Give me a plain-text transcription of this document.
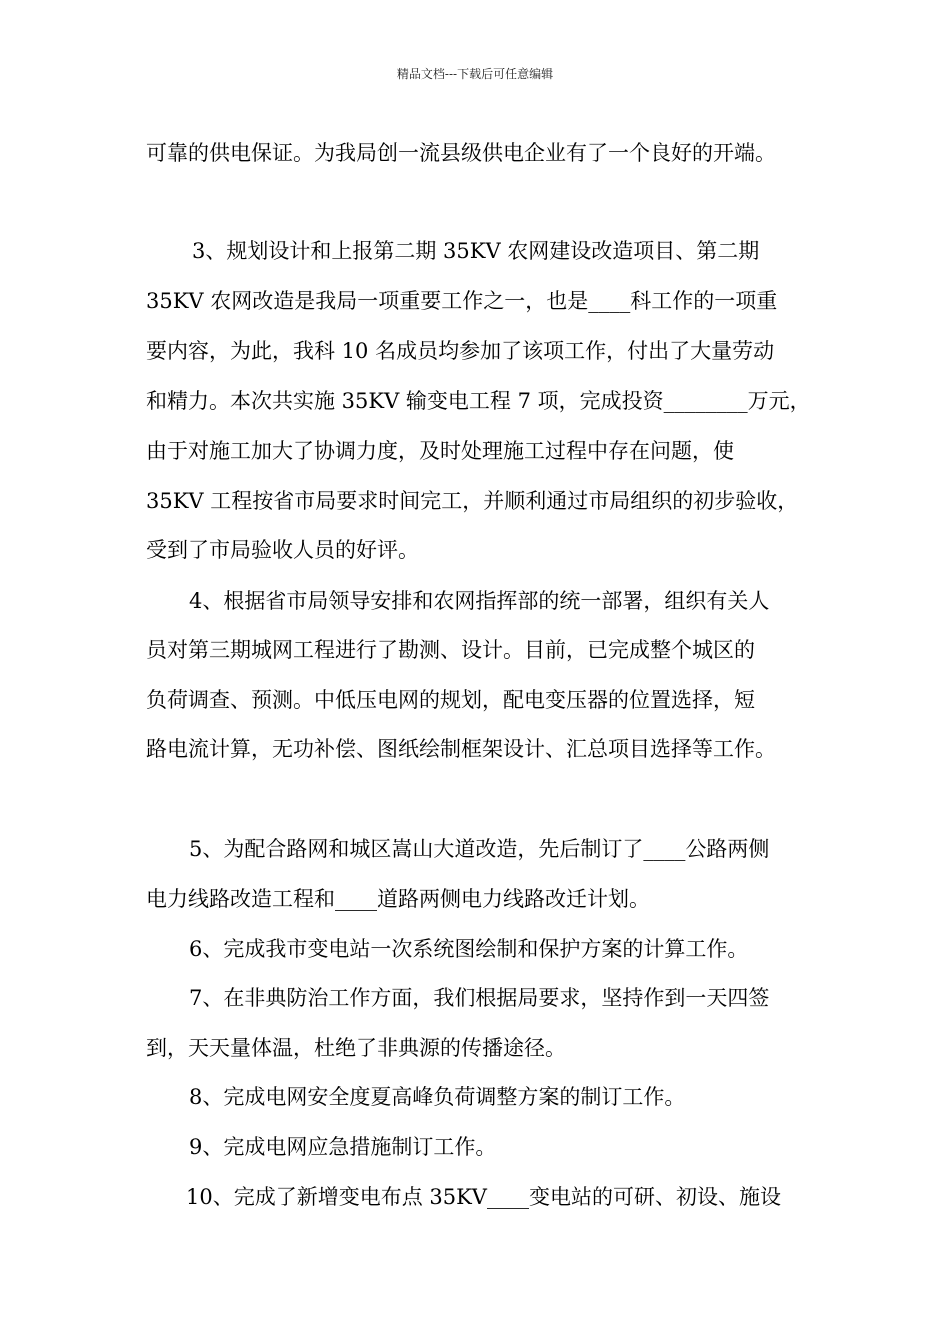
精品文档---下载后可任意编辑
可靠的供电保证。为我局创一流县级供电企业有了一个良好的开端。
3、规划设计和上报第二期 35KV 农网建设改造项目、第二期
35KV 农网改造是我局一项重要工作之一，也是____科工作的一项重
要内容，为此，我科 10 名成员均参加了该项工作，付出了大量劳动
和精力。本次共实施 35KV 输变电工程 7 项，完成投资________万元，
由于对施工加大了协调力度，及时处理施工过程中存在问题，使
35KV 工程按省市局要求时间完工，并顺利通过市局组织的初步验收，
受到了市局验收人员的好评。
4、根据省市局领导安排和农网指挥部的统一部署，组织有关人
员对第三期城网工程进行了勘测、设计。目前，已完成整个城区的
负荷调查、预测。中低压电网的规划，配电变压器的位置选择，短
路电流计算，无功补偿、图纸绘制框架设计、汇总项目选择等工作。
5、为配合路网和城区嵩山大道改造，先后制订了____公路两侧
电力线路改造工程和____道路两侧电力线路改迁计划。
6、完成我市变电站一次系统图绘制和保护方案的计算工作。
7、在非典防治工作方面，我们根据局要求，坚持作到一天四签
到，天天量体温，杜绝了非典源的传播途径。
8、完成电网安全度夏高峰负荷调整方案的制订工作。
9、完成电网应急措施制订工作。
10、完成了新增变电布点 35KV____变电站的可研、初设、施设
